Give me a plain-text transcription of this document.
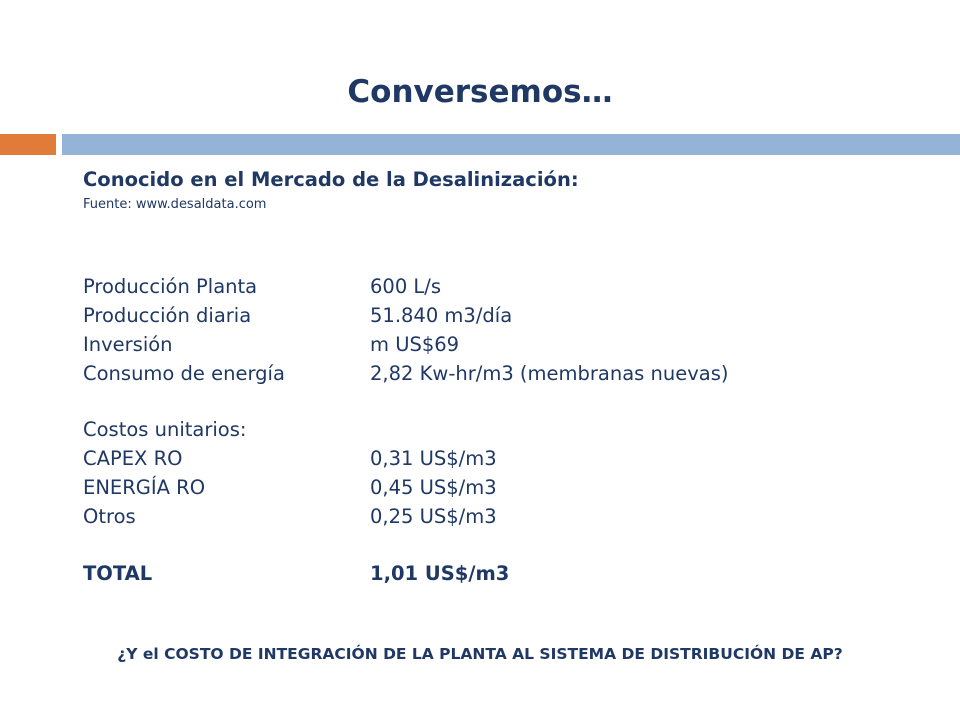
Conversemos…
Conocido en el Mercado de la Desalinización:
Fuente: www.desaldata.com
Producción Planta	600 L/s
Producción diaria	51.840 m3/día
Inversión	m US$69
Consumo de energía	2,82 Kw-hr/m3 (membranas nuevas)
Costos unitarios:
CAPEX RO	0,31 US$/m3
ENERGÍA RO	0,45 US$/m3
Otros	0,25 US$/m3
TOTAL	1,01 US$/m3
¿Y el COSTO DE INTEGRACIÓN DE LA PLANTA AL SISTEMA DE DISTRIBUCIÓN DE AP?
